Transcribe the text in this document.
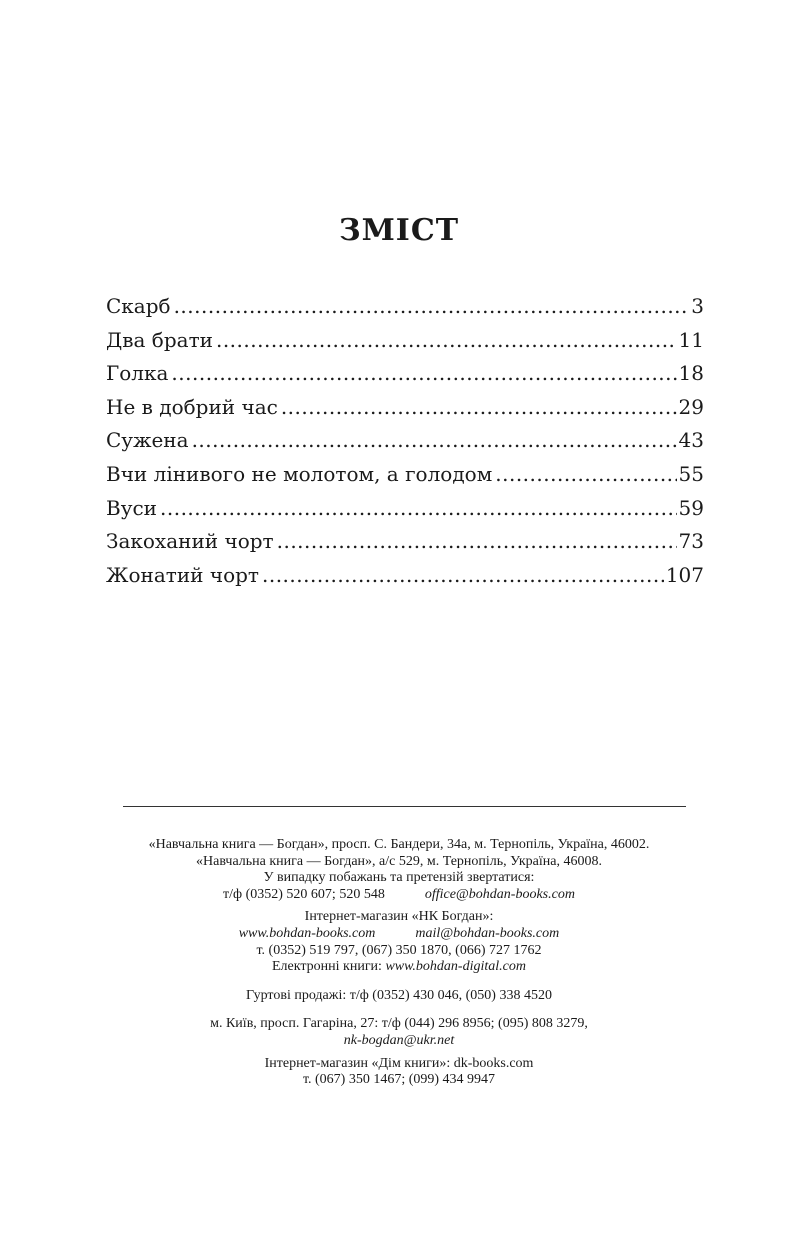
ЗМІСТ
Скарб .....	3
Два брати .....	11
Голка .....	18
Не в добрий час .....	29
Сужена .....	43
Вчи лінивого не молотом, а голодом .....	55
Вуси .....	59
Закоханий чорт .....	73
Жонатий чорт .....	107
«Навчальна книга — Богдан», просп. С. Бандери, 34а, м. Тернопіль, Україна, 46002.
«Навчальна книга — Богдан», а/с 529, м. Тернопіль, Україна, 46008.
У випадку побажань та претензій звертатися:
т/ф (0352) 520 607; 520 548	office@bohdan-books.com
Інтернет-магазин «НК Богдан»:
www.bohdan-books.com	mail@bohdan-books.com
т. (0352) 519 797, (067) 350 1870, (066) 727 1762
Електронні книги: www.bohdan-digital.com
Гуртові продажі: т/ф (0352) 430 046, (050) 338 4520
м. Київ, просп. Гагаріна, 27: т/ф (044) 296 8956; (095) 808 3279,
nk-bogdan@ukr.net
Інтернет-магазин «Дім книги»: dk-books.com
т. (067) 350 1467; (099) 434 9947
